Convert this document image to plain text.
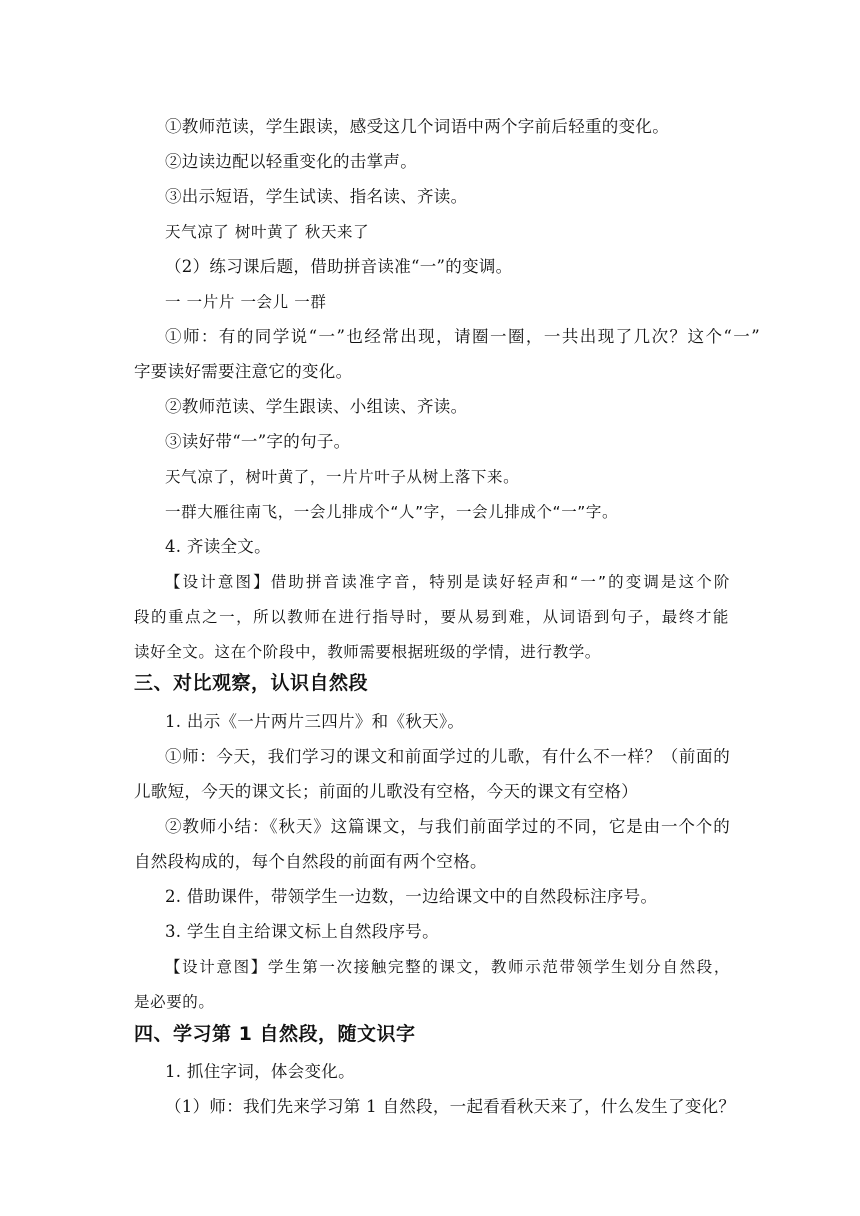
①教师范读，学生跟读，感受这几个词语中两个字前后轻重的变化。
②边读边配以轻重变化的击掌声。
③出示短语，学生试读、指名读、齐读。
天气凉了 树叶黄了 秋天来了
（2）练习课后题，借助拼音读准“一”的变调。
一 一片片 一会儿 一群
①师：有的同学说“一”也经常出现，请圈一圈，一共出现了几次？这个“一”
字要读好需要注意它的变化。
②教师范读、学生跟读、小组读、齐读。
③读好带“一”字的句子。
天气凉了，树叶黄了，一片片叶子从树上落下来。
一群大雁往南飞，一会儿排成个“人”字，一会儿排成个“一”字。
4. 齐读全文。
【设计意图】借助拼音读准字音，特别是读好轻声和“一”的变调是这个阶
段的重点之一，所以教师在进行指导时，要从易到难，从词语到句子，最终才能
读好全文。这在个阶段中，教师需要根据班级的学情，进行教学。
三、对比观察，认识自然段
1. 出示《一片两片三四片》和《秋天》。
①师：今天，我们学习的课文和前面学过的儿歌，有什么不一样？（前面的
儿歌短，今天的课文长；前面的儿歌没有空格，今天的课文有空格）
②教师小结：《秋天》这篇课文，与我们前面学过的不同，它是由一个个的
自然段构成的，每个自然段的前面有两个空格。
2. 借助课件，带领学生一边数，一边给课文中的自然段标注序号。
3. 学生自主给课文标上自然段序号。
【设计意图】学生第一次接触完整的课文，教师示范带领学生划分自然段，
是必要的。
四、学习第 1 自然段，随文识字
1. 抓住字词，体会变化。
（1）师：我们先来学习第 1 自然段，一起看看秋天来了，什么发生了变化？
